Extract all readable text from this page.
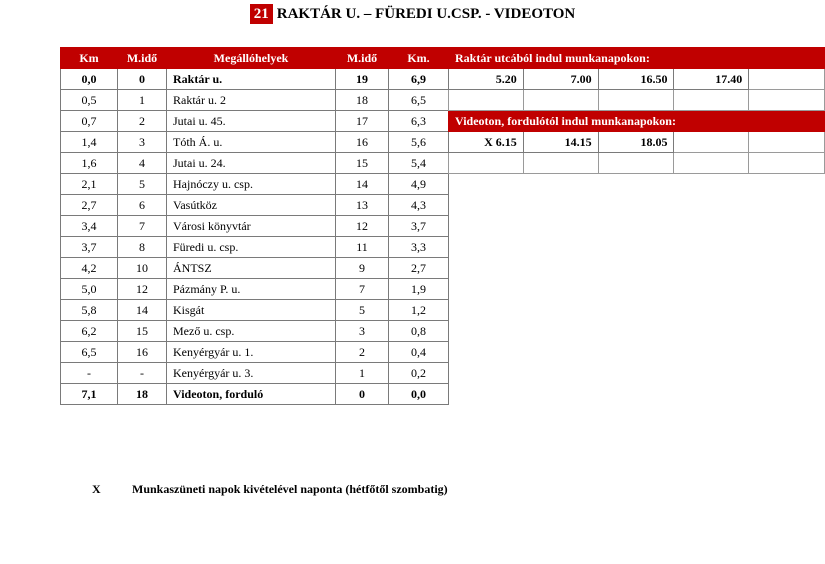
21 RAKTÁR U. – FÜREDI U.CSP. - VIDEOTON
Km	M.idő	Megállóhelyek	M.idő	Km.
0,0	0	Raktár u.	19	6,9
0,5	1	Raktár u. 2	18	6,5
0,7	2	Jutai u. 45.	17	6,3
1,4	3	Tóth Á. u.	16	5,6
1,6	4	Jutai u. 24.	15	5,4
2,1	5	Hajnóczy u. csp.	14	4,9
2,7	6	Vasútköz	13	4,3
3,4	7	Városi könyvtár	12	3,7
3,7	8	Füredi u. csp.	11	3,3
4,2	10	ÁNTSZ	9	2,7
5,0	12	Pázmány P. u.	7	1,9
5,8	14	Kisgát	5	1,2
6,2	15	Mező u. csp.	3	0,8
6,5	16	Kenyérgyár u. 1.	2	0,4
-	-	Kenyérgyár u. 3.	1	0,2
7,1	18	Videoton, forduló	0	0,0
Raktár utcából indul munkanapokon:				
5.20	7.00	16.50	17.40	

Videoton, fordulótól indul munkanapokon:				
X 6.15	14.15	18.05		

X	Munkaszüneti napok kivételével naponta (hétfőtől szombatig)
